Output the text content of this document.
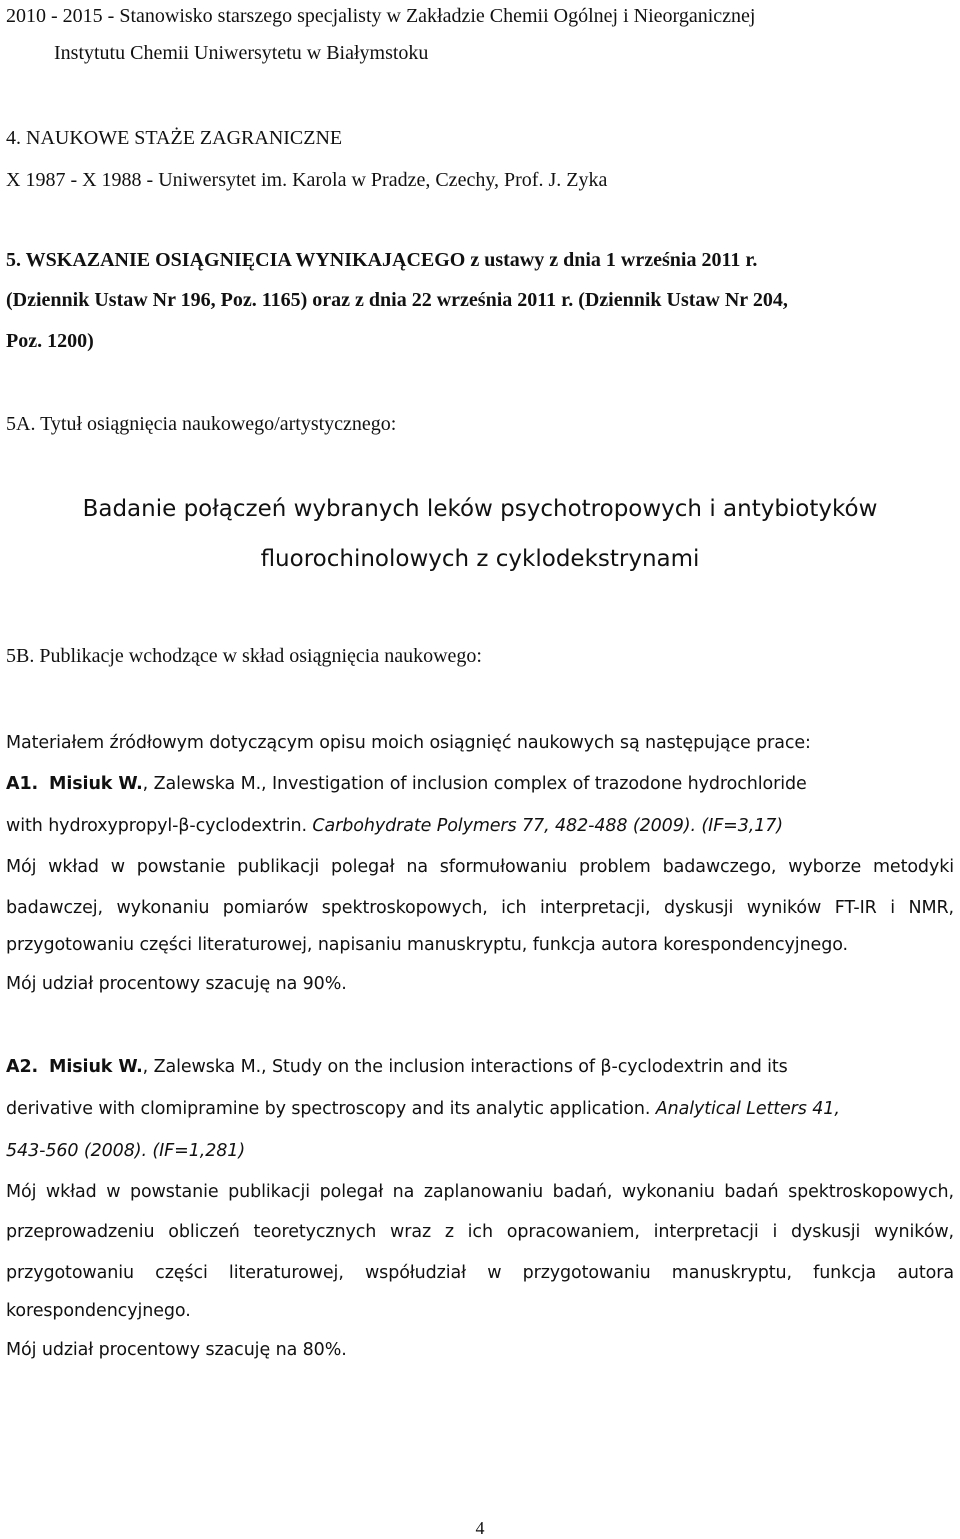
2010 - 2015 - Stanowisko starszego specjalisty w Zakładzie Chemii Ogólnej i Nieorganicznej
Instytutu Chemii Uniwersytetu w Białymstoku
4. NAUKOWE STAŻE ZAGRANICZNE
X 1987 - X 1988 - Uniwersytet im. Karola w Pradze, Czechy, Prof. J. Zyka
5. WSKAZANIE OSIĄGNIĘCIA WYNIKAJĄCEGO z ustawy z dnia 1 września 2011 r.
(Dziennik Ustaw Nr 196, Poz. 1165) oraz z dnia 22 września 2011 r. (Dziennik Ustaw Nr 204,
Poz. 1200)
5A. Tytuł osiągnięcia naukowego/artystycznego:
Badanie połączeń wybranych leków psychotropowych i antybiotyków
fluorochinolowych z cyklodekstrynami
5B. Publikacje wchodzące w skład osiągnięcia naukowego:
Materiałem źródłowym dotyczącym opisu moich osiągnięć naukowych są następujące prace:
A1. Misiuk W., Zalewska M., Investigation of inclusion complex of trazodone hydrochloride
with hydroxypropyl-β-cyclodextrin. Carbohydrate Polymers 77, 482-488 (2009). (IF=3,17)
Mój wkład w powstanie publikacji polegał na sformułowaniu problem badawczego, wyborze metodyki
badawczej, wykonaniu pomiarów spektroskopowych, ich interpretacji, dyskusji wyników FT-IR i NMR,
przygotowaniu części literaturowej, napisaniu manuskryptu, funkcja autora korespondencyjnego.
Mój udział procentowy szacuję na 90%.
A2. Misiuk W., Zalewska M., Study on the inclusion interactions of β-cyclodextrin and its
derivative with clomipramine by spectroscopy and its analytic application. Analytical Letters 41,
543-560 (2008). (IF=1,281)
Mój wkład w powstanie publikacji polegał na zaplanowaniu badań, wykonaniu badań spektroskopowych,
przeprowadzeniu obliczeń teoretycznych wraz z ich opracowaniem, interpretacji i dyskusji wyników,
przygotowaniu części literaturowej, współudział w przygotowaniu manuskryptu, funkcja autora
korespondencyjnego.
Mój udział procentowy szacuję na 80%.
4
